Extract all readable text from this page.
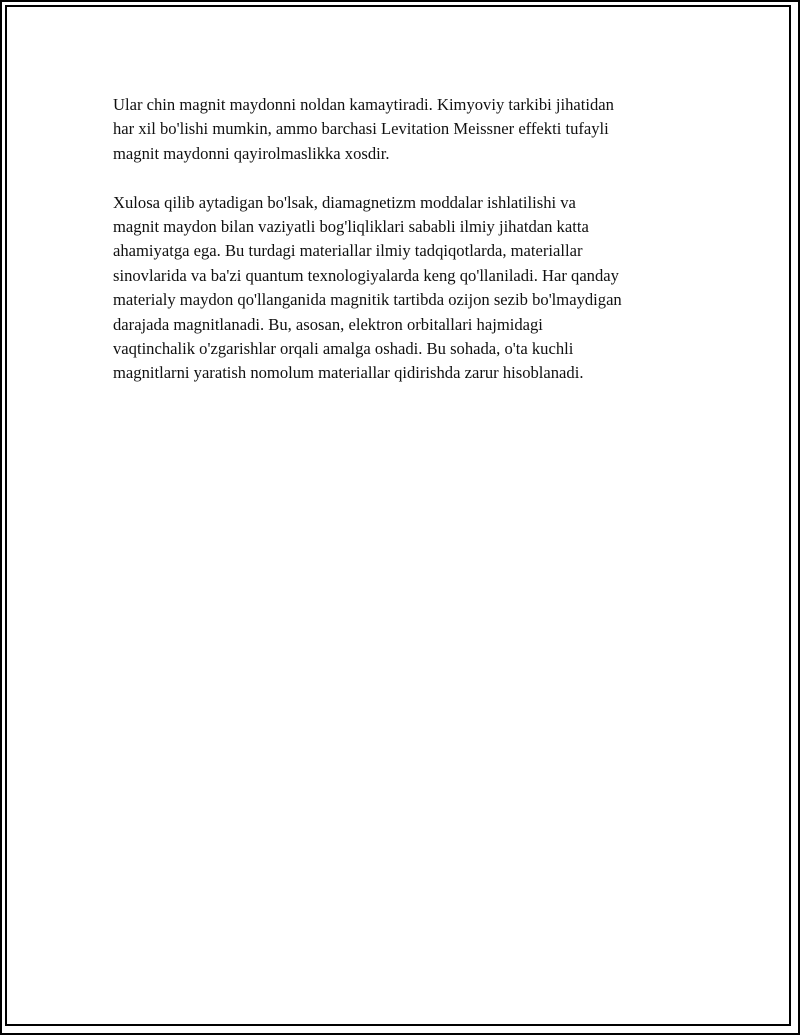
Ular chin magnit maydonni noldan kamaytiradi. Kimyoviy tarkibi jihatidan
har xil bo'lishi mumkin, ammo barchasi Levitation Meissner effekti tufayli
magnit maydonni qayirolmaslikka xosdir.

Xulosa qilib aytadigan bo'lsak, diamagnetizm moddalar ishlatilishi va
magnit maydon bilan vaziyatli bog'liqliklari sababli ilmiy jihatdan katta
ahamiyatga ega. Bu turdagi materiallar ilmiy tadqiqotlarda, materiallar
sinovlarida va ba'zi quantum texnologiyalarda keng qo'llaniladi. Har qanday
materialy maydon qo'llanganida magnitik tartibda ozijon sezib bo'lmaydigan
darajada magnitlanadi. Bu, asosan, elektron orbitallari hajmidagi
vaqtinchalik o'zgarishlar orqali amalga oshadi. Bu sohada, o'ta kuchli
magnitlarni yaratish nomolum materiallar qidirishda zarur hisoblanadi.
